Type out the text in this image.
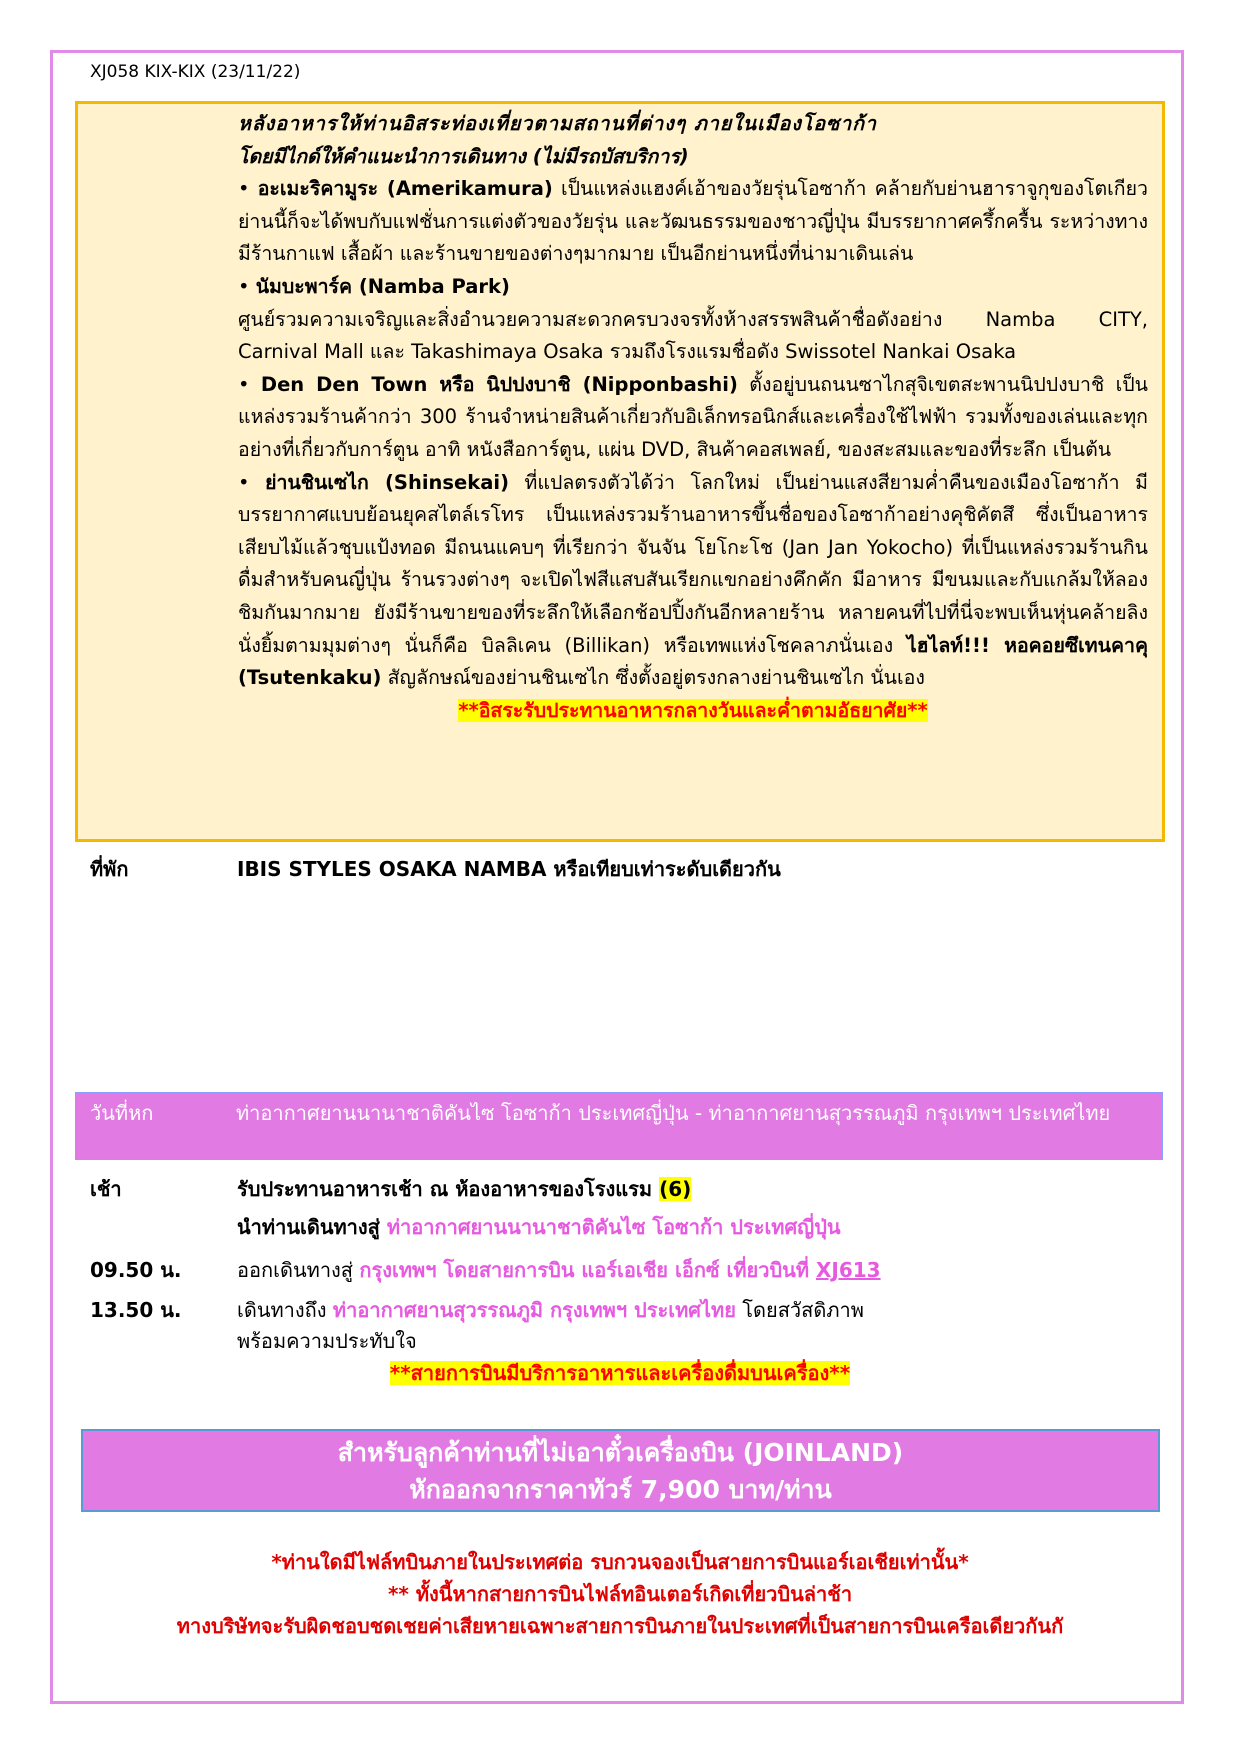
XJ058 KIX-KIX (23/11/22)

หลังอาหารให้ท่านอิสระท่องเที่ยวตามสถานที่ต่างๆ ภายในเมืองโอซาก้า

โดยมีไกด์ให้คำแนะนำการเดินทาง (ไม่มีรถบัสบริการ)

• อะเมะริคามูระ (Amerikamura) เป็นแหล่งแฮงค์เอ้าของวัยรุ่นโอซาก้า คล้ายกับย่านฮาราจูกุของโตเกียว ย่านนี้ก็จะได้พบกับแฟชั่นการแต่งตัวของวัยรุ่น และวัฒนธรรมของชาวญี่ปุ่น มีบรรยากาศครึ้กครื้น ระหว่างทางมีร้านกาแฟ เสื้อผ้า และร้านขายของต่างๆมากมาย เป็นอีกย่านหนึ่งที่น่ามาเดินเล่น

• นัมบะพาร์ค (Namba Park)
ศูนย์รวมความเจริญและสิ่งอำนวยความสะดวกครบวงจรทั้งห้างสรรพสินค้าชื่อดังอย่าง Namba CITY, Carnival Mall และ Takashimaya Osaka รวมถึงโรงแรมชื่อดัง Swissotel Nankai Osaka

• Den Den Town หรือ นิปปงบาชิ (Nipponbashi) ตั้งอยู่บนถนนซาไกสุจิเขตสะพานนิปปงบาชิ เป็นแหล่งรวมร้านค้ากว่า 300 ร้านจำหน่ายสินค้าเกี่ยวกับอิเล็กทรอนิกส์และเครื่องใช้ไฟฟ้า รวมทั้งของเล่นและทุกอย่างที่เกี่ยวกับการ์ตูน อาทิ หนังสือการ์ตูน, แผ่น DVD, สินค้าคอสเพลย์, ของสะสมและของที่ระลึก เป็นต้น

• ย่านชินเซไก (Shinsekai) ที่แปลตรงตัวได้ว่า โลกใหม่ เป็นย่านแสงสียามค่ำคืนของเมืองโอซาก้า มีบรรยากาศแบบย้อนยุคสไตล์เรโทร เป็นแหล่งรวมร้านอาหารขึ้นชื่อของโอซาก้าอย่างคุชิคัตสึ ซึ่งเป็นอาหารเสียบไม้แล้วชุบแป้งทอด มีถนนแคบๆ ที่เรียกว่า จันจัน โยโกะโช (Jan Jan Yokocho) ที่เป็นแหล่งรวมร้านกินดื่มสำหรับคนญี่ปุ่น ร้านรวงต่างๆ จะเปิดไฟสีแสบสันเรียกแขกอย่างคึกคัก มีอาหาร มีขนมและกับแกล้มให้ลองชิมกันมากมาย ยังมีร้านขายของที่ระลึกให้เลือกช้อปปิ้งกันอีกหลายร้าน หลายคนที่ไปที่นี่จะพบเห็นหุ่นคล้ายลิงนั่งยิ้มตามมุมต่างๆ นั่นก็คือ บิลลิเคน (Billikan) หรือเทพแห่งโชคลาภนั่นเอง ไฮไลท์!!! หอคอยซึเทนคาคุ (Tsutenkaku) สัญลักษณ์ของย่านชินเซไก ซึ่งตั้งอยู่ตรงกลางย่านชินเซไก นั่นเอง

**อิสระรับประทานอาหารกลางวันและค่ำตามอัธยาศัย**

ที่พัก	IBIS STYLES OSAKA NAMBA หรือเทียบเท่าระดับเดียวกัน
วันที่หก	ท่าอากาศยานนานาชาติคันไซ โอซาก้า ประเทศญี่ปุ่น - ท่าอากาศยานสุวรรณภูมิ กรุงเทพฯ ประเทศไทย
เช้า	รับประทานอาหารเช้า ณ ห้องอาหารของโรงแรม (6)
นำท่านเดินทางสู่ ท่าอากาศยานนานาชาติคันไซ โอซาก้า ประเทศญี่ปุ่น
09.50 น.	ออกเดินทางสู่ กรุงเทพฯ โดยสายการบิน แอร์เอเชีย เอ็กซ์ เที่ยวบินที่ XJ613
13.50 น.	เดินทางถึง ท่าอากาศยานสุวรรณภูมิ กรุงเทพฯ ประเทศไทย โดยสวัสดิภาพ
พร้อมความประทับใจ
**สายการบินมีบริการอาหารและเครื่องดื่มบนเครื่อง**
สำหรับลูกค้าท่านที่ไม่เอาตั๋วเครื่องบิน (JOINLAND)
หักออกจากราคาทัวร์ 7,900 บาท/ท่าน
*ท่านใดมีไฟล์ทบินภายในประเทศต่อ รบกวนจองเป็นสายการบินแอร์เอเชียเท่านั้น*
** ทั้งนี้หากสายการบินไฟล์ทอินเตอร์เกิดเที่ยวบินล่าช้า
ทางบริษัทจะรับผิดชอบชดเชยค่าเสียหายเฉพาะสายการบินภายในประเทศที่เป็นสายการบินเครือเดียวกันกั
